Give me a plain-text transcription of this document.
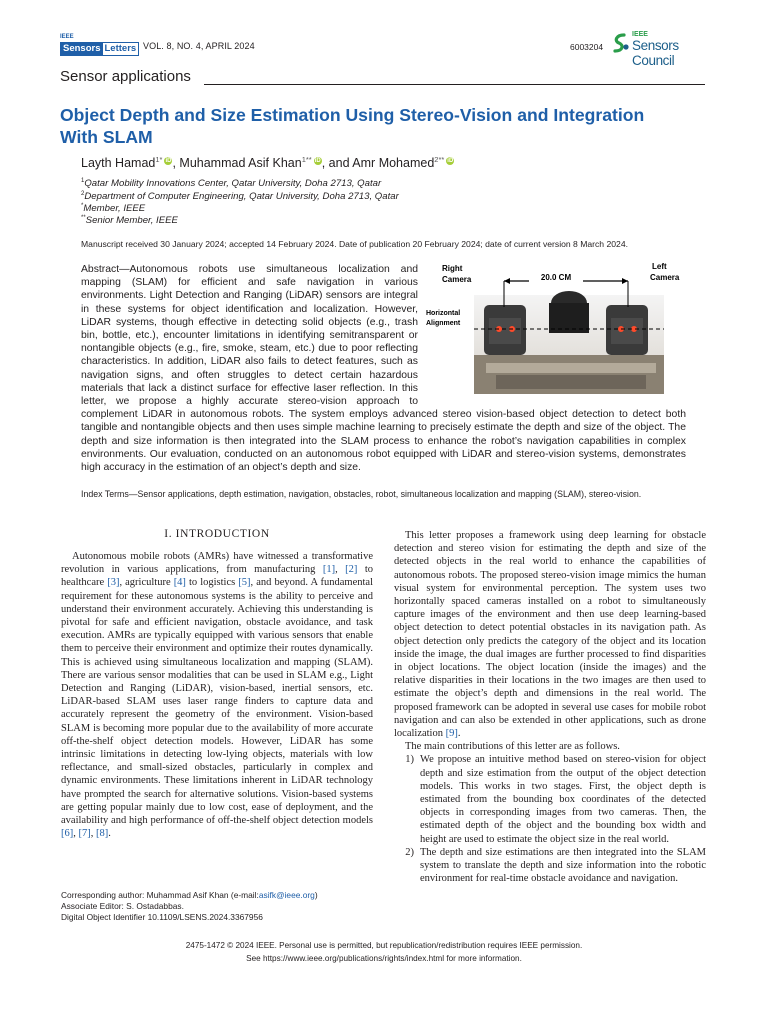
IEEE
Sensors Letters VOL. 8, NO. 4, APRIL 2024	6003204
IEEE
Sensors Council
Sensor applications
Object Depth and Size Estimation Using Stereo-Vision and Integration With SLAM
Layth Hamad$^{1*}$ iD, Muhammad Asif Khan$^{1**}$ iD, and Amr Mohamed$^{2**}$ iD
$^1$Qatar Mobility Innovations Center, Qatar University, Doha 2713, Qatar
$^2$Department of Computer Engineering, Qatar University, Doha 2713, Qatar
*Member, IEEE
**Senior Member, IEEE
Manuscript received 30 January 2024; accepted 14 February 2024. Date of publication 20 February 2024; date of current version 8 March 2024.
20.0 CM
Right Camera
Left Camera
Horizontal Alignment
Abstract—Autonomous robots use simultaneous localization and mapping (SLAM) for efficient and safe navigation in various environments. Light Detection and Ranging (LiDAR) sensors are integral in these systems for object identification and localization. However, LiDAR systems, though effective in detecting solid objects (e.g., trash bin, bottle, etc.), encounter limitations in identifying semitransparent or nontangible objects (e.g., fire, smoke, steam, etc.) due to poor reflecting characteristics. In addition, LiDAR also fails to detect features, such as navigation signs, and often struggles to detect certain hazardous materials that lack a distinct surface for effective laser reflection. In this letter, we propose a highly accurate stereo-vision approach to complement LiDAR in autonomous robots. The system employs advanced stereo vision-based object detection to detect both tangible and nontangible objects and then uses simple machine learning to precisely estimate the depth and size of the object. The depth and size information is then integrated into the SLAM process to enhance the robot’s navigation capabilities in complex environments. Our evaluation, conducted on an autonomous robot equipped with LiDAR and stereo-vision systems, demonstrates high accuracy in the estimation of an object’s depth and size.
Index Terms—Sensor applications, depth estimation, navigation, obstacles, robot, simultaneous localization and mapping (SLAM), stereo-vision.
I. INTRODUCTION

Autonomous mobile robots (AMRs) have witnessed a transformative revolution in various applications, from manufacturing [1], [2] to healthcare [3], agriculture [4] to logistics [5], and beyond. A fundamental requirement for these autonomous systems is the ability to perceive and understand their environment accurately. Achieving this understanding is pivotal for safe and efficient navigation, obstacle avoidance, and task execution. AMRs are typically equipped with various sensors that enable them to perceive their environment and optimize their routes dynamically. This is achieved using simultaneous localization and mapping (SLAM). There are various sensor modalities that can be used in SLAM e.g., Light Detection and Ranging (LiDAR), vision-based, inertial sensors, etc. LiDAR-based SLAM uses laser range finders to capture data and accurately represent the geometry of the environment. Vision-based SLAM is becoming more popular due to the availability of more accurate off-the-shelf object detection models. However, LiDAR has some intrinsic limitations in detecting low-lying objects, materials with low reflectance, and small-sized obstacles, particularly in complex and dynamic environments. These limitations inherent in LiDAR technology have prompted the search for alternative solutions. Vision-based systems are getting popular mainly due to low cost, ease of deployment, and the availability and high performance of off-the-shelf object detection models [6], [7], [8].

This letter proposes a framework using deep learning for obstacle detection and stereo vision for estimating the depth and size of the detected objects in the real world to enhance the capabilities of autonomous robots. The proposed stereo-vision image mimics the human visual system for environmental perception. The system uses two horizontally spaced cameras installed on a robot to simultaneously capture images of the environment and then use deep learning-based object detection to detect potential obstacles in its navigation path. As object detection only predicts the category of the object and its location inside the image, the dual images are further processed to find disparities in object locations. The object location (inside the images) and the relative disparities in their locations in the two images are then used to estimate the object’s depth and dimensions in the real world. The proposed framework can be adopted in several use cases for mobile robot navigation and can also be extended in other applications, such as drone localization [9].

The main contributions of this letter are as follows.

1) We propose an intuitive method based on stereo-vision for object depth and size estimation from the output of the object detection models. This works in two stages. First, the object depth is estimated from the bounding box coordinates of the detected objects in corresponding images from two cameras. Then, the estimated depth of the object and the bounding box width and height are used to estimate the object size in the real world.
2) The depth and size estimations are then integrated into the SLAM system to translate the depth and size information into the robotic environment for real-time obstacle avoidance and navigation.
Corresponding author: Muhammad Asif Khan (e-mail:asifk@ieee.org)
Associate Editor: S. Ostadabbas.
Digital Object Identifier 10.1109/LSENS.2024.3367956
2475-1472 © 2024 IEEE. Personal use is permitted, but republication/redistribution requires IEEE permission.
See https://www.ieee.org/publications/rights/index.html for more information.
